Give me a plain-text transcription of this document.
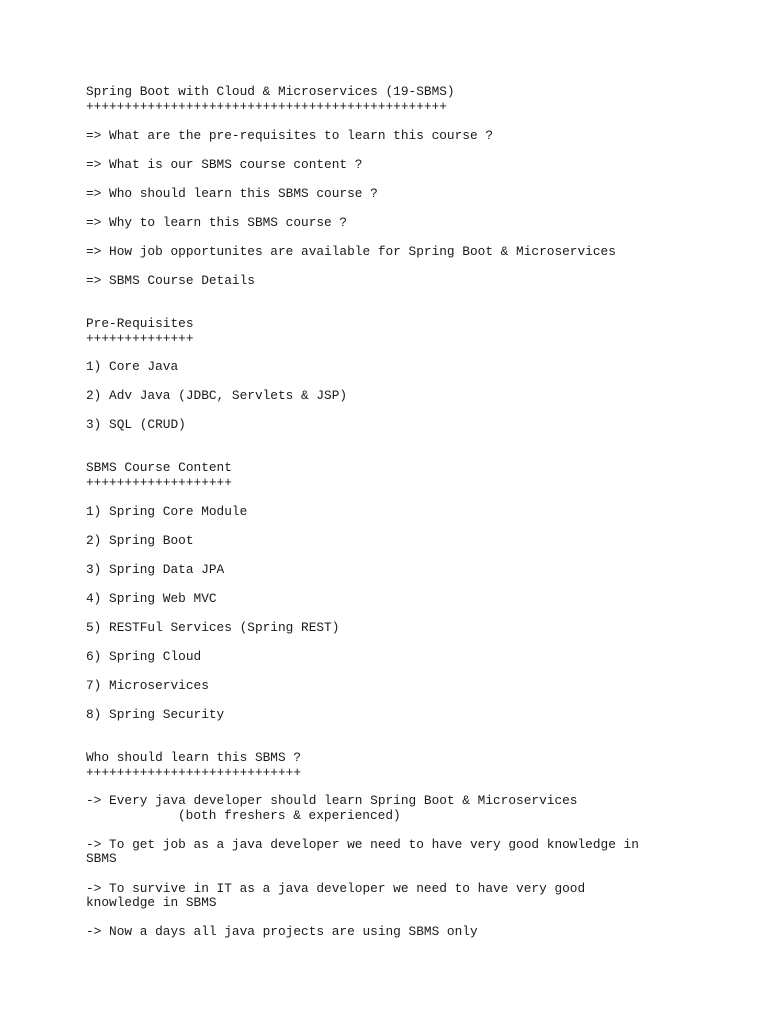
Spring Boot with Cloud & Microservices (19-SBMS)

+++++++++++++++++++++++++++++++++++++++++++++++

=> What are the pre-requisites to learn this course ?

=> What is our SBMS course content ?

=> Who should learn this SBMS course ?

=> Why to learn this SBMS course ?

=> How job opportunites are available for Spring Boot & Microservices

=> SBMS Course Details

Pre-Requisites

++++++++++++++

1) Core Java

2) Adv Java (JDBC, Servlets & JSP)

3) SQL (CRUD)

SBMS Course Content

+++++++++++++++++++

1) Spring Core Module

2) Spring Boot

3) Spring Data JPA

4) Spring Web MVC

5) RESTFul Services (Spring REST)

6) Spring Cloud

7) Microservices

8) Spring Security

Who should learn this SBMS ?

++++++++++++++++++++++++++++

-> Every java developer should learn Spring Boot & Microservices

(both freshers & experienced)

-> To get job as a java developer we need to have very good knowledge in

SBMS

-> To survive in IT as a java developer we need to have very good

knowledge in SBMS

-> Now a days all java projects are using SBMS only
